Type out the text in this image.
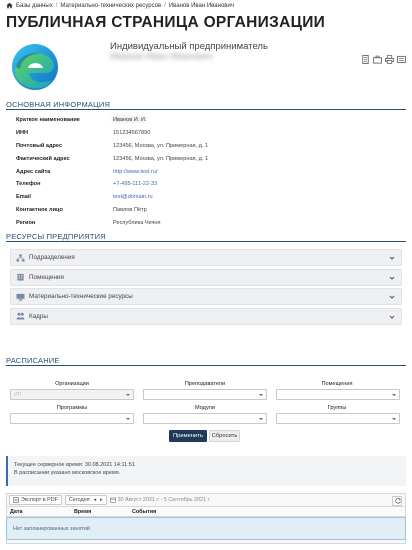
Базы данных / Материально-технических ресурсов / Иванов Иван Иванович
ПУБЛИЧНАЯ СТРАНИЦА ОРГАНИЗАЦИИ
Индивидуальный предприниматель Иванов Иван Иванович
ОСНОВНАЯ ИНФОРМАЦИЯ
Краткое наименование	Иванов И. И.
ИНН	151234567890
Почтовый адрес	123456, Москва, ул. Примерная, д. 1
Фактический адрес	123456, Москва, ул. Примерная, д. 1
Адрес сайта	http://www.test.ru/
Телефон	+7-495-111-22-33
Email	test@domain.ru
Контактное лицо	Павлов Пётр
Регион	Республика Чечня
РЕСУРСЫ ПРЕДПРИЯТИЯ
Подразделения
Помещения
Материально-технические ресурсы
Кадры
РАСПИСАНИЕ
Организации
ИП
Преподаватели	Помещения
Программы	Модули	Группы
Применить	Сбросить
Текущее серверное время: 30.08.2021 14:11:51
В расписании указано московское время.
Экспорт в PDF Сегодня ◂ ▸	30 Август 2021 г. - 5 Сентябрь 2021 г.
Дата	Время	События
Нет запланированных занятий
